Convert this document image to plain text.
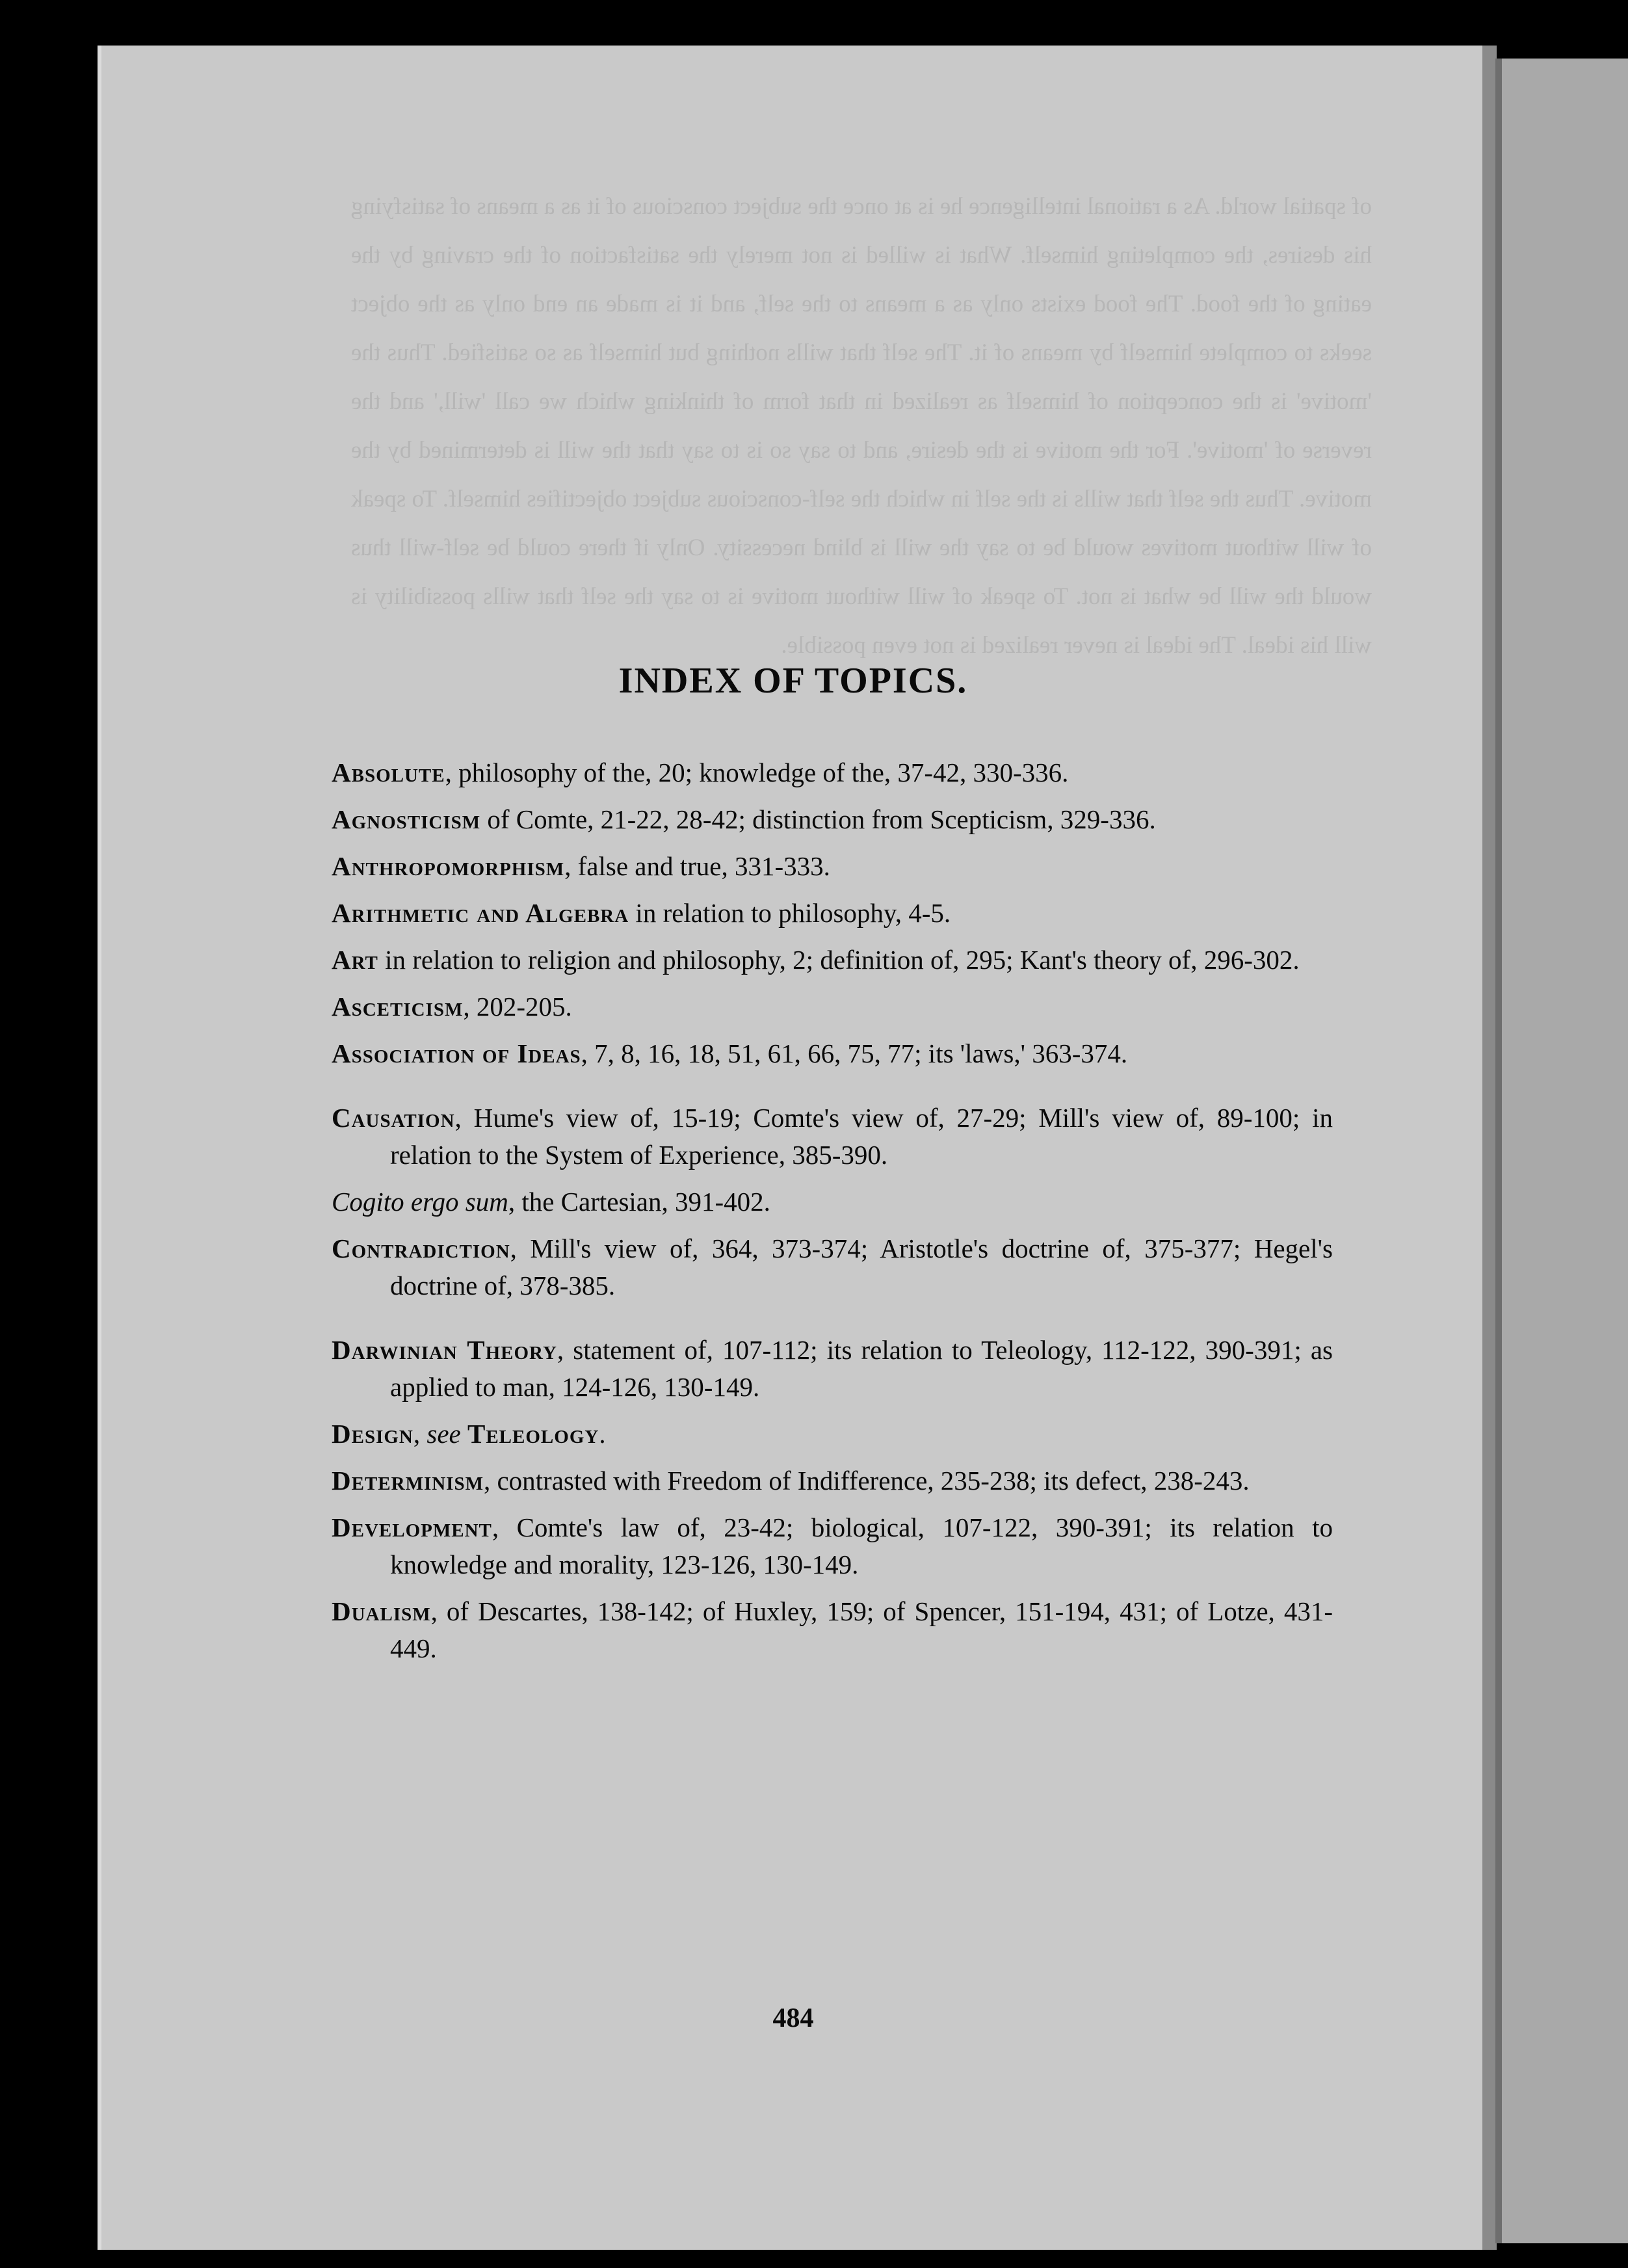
of spatial world. As a rational intelligence he is at once the subject conscious of it as a means of satisfying his desires, the completing himself. What is willed is not merely the satisfaction of the craving by the eating of the food. The food exists only as a means to the self, and it is made an end only as the object seeks to complete himself by means of it. The self that wills nothing but himself as so satisfied. Thus the 'motive' is the conception of himself as realized in that form of thinking which we call 'will,' and the reverse of 'motive'. For the motive is the desire, and to say so is to say that the will is determined by the motive. Thus the self that wills is the self in which the self-conscious subject objectifies himself. To speak of will without motives would be to say the will is blind necessity. Only if there could be self-will thus would the will be what is not. To speak of will without motive is to say the self that wills possibility is will his ideal. The ideal is never realized is not even possible.
INDEX OF TOPICS.
Absolute, philosophy of the, 20; knowledge of the, 37-42, 330-336.
Agnosticism of Comte, 21-22, 28-42; distinction from Scepticism, 329-336.
Anthropomorphism, false and true, 331-333.
Arithmetic and Algebra in relation to philosophy, 4-5.
Art in relation to religion and philosophy, 2; definition of, 295; Kant's theory of, 296-302.
Asceticism, 202-205.
Association of Ideas, 7, 8, 16, 18, 51, 61, 66, 75, 77; its 'laws,' 363-374.
Causation, Hume's view of, 15-19; Comte's view of, 27-29; Mill's view of, 89-100; in relation to the System of Experience, 385-390.
Cogito ergo sum, the Cartesian, 391-402.
Contradiction, Mill's view of, 364, 373-374; Aristotle's doctrine of, 375-377; Hegel's doctrine of, 378-385.
Darwinian Theory, statement of, 107-112; its relation to Teleology, 112-122, 390-391; as applied to man, 124-126, 130-149.
Design, see Teleology.
Determinism, contrasted with Freedom of Indifference, 235-238; its defect, 238-243.
Development, Comte's law of, 23-42; biological, 107-122, 390-391; its relation to knowledge and morality, 123-126, 130-149.
Dualism, of Descartes, 138-142; of Huxley, 159; of Spencer, 151-194, 431; of Lotze, 431-449.
484
